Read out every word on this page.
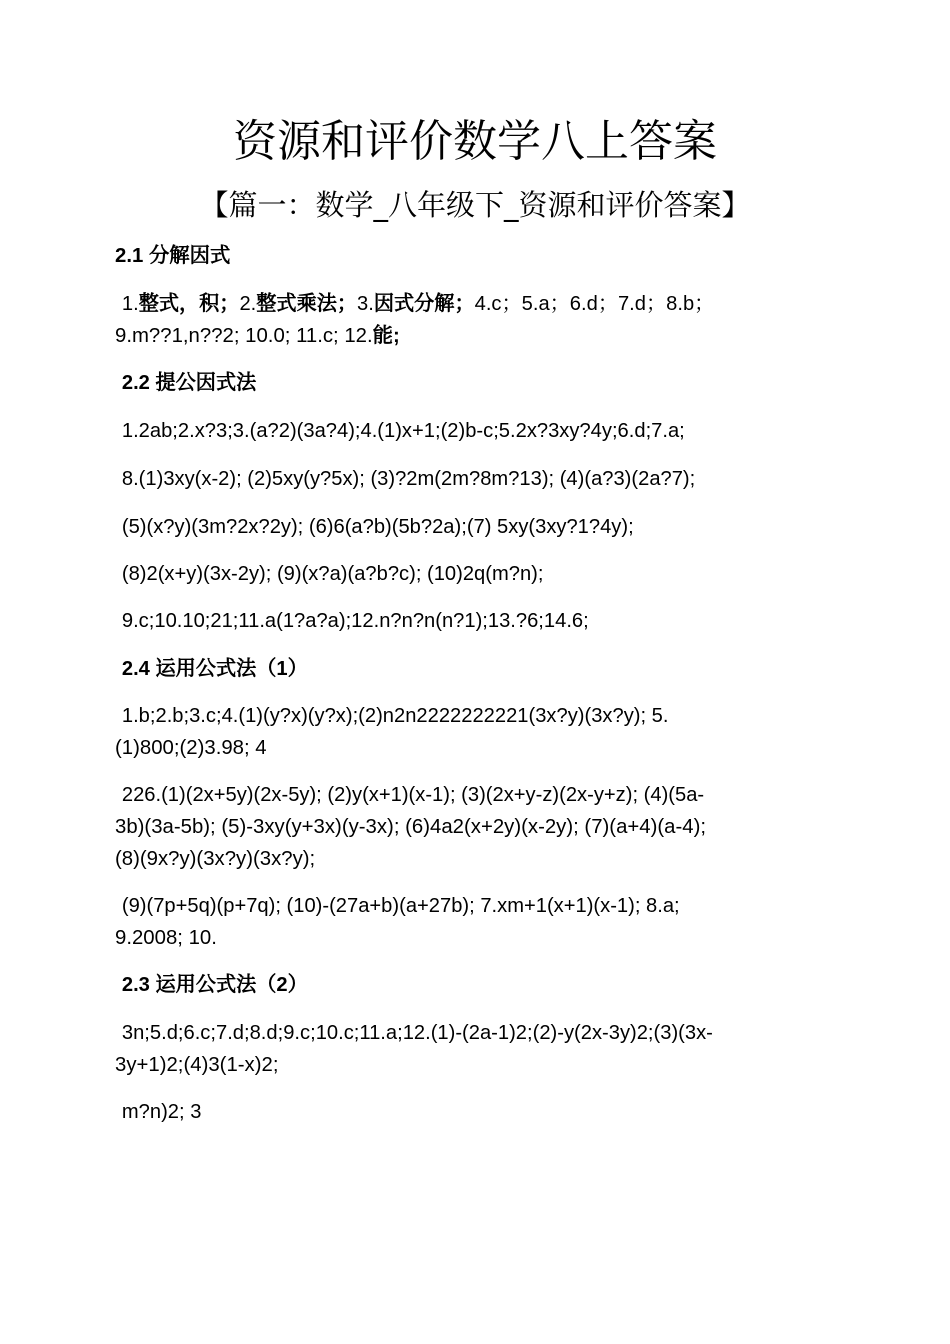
资源和评价数学八上答案
【篇一：数学_八年级下_资源和评价答案】
2.1 分解因式
1.整式，积；2.整式乘法；3.因式分解；4.c；5.a；6.d；7.d；8.b；
9.m??1,n??2; 10.0; 11.c; 12.能;
2.2 提公因式法
1.2ab;2.x?3;3.(a?2)(3a?4);4.(1)x+1;(2)b-c;5.2x?3xy?4y;6.d;7.a;
8.(1)3xy(x-2); (2)5xy(y?5x); (3)?2m(2m?8m?13); (4)(a?3)(2a?7);
(5)(x?y)(3m?2x?2y); (6)6(a?b)(5b?2a);(7) 5xy(3xy?1?4y);
(8)2(x+y)(3x-2y); (9)(x?a)(a?b?c); (10)2q(m?n);
9.c;10.10;21;11.a(1?a?a);12.n?n?n(n?1);13.?6;14.6;
2.4 运用公式法（1）
1.b;2.b;3.c;4.(1)(y?x)(y?x);(2)n2n2222222221(3x?y)(3x?y); 5.
(1)800;(2)3.98; 4
226.(1)(2x+5y)(2x-5y); (2)y(x+1)(x-1); (3)(2x+y-z)(2x-y+z); (4)(5a-
3b)(3a-5b); (5)-3xy(y+3x)(y-3x); (6)4a2(x+2y)(x-2y); (7)(a+4)(a-4);
(8)(9x?y)(3x?y)(3x?y);
(9)(7p+5q)(p+7q); (10)-(27a+b)(a+27b); 7.xm+1(x+1)(x-1); 8.a;
9.2008; 10.
2.3 运用公式法（2）
3n;5.d;6.c;7.d;8.d;9.c;10.c;11.a;12.(1)-(2a-1)2;(2)-y(2x-3y)2;(3)(3x-
3y+1)2;(4)3(1-x)2;
m?n)2; 3
